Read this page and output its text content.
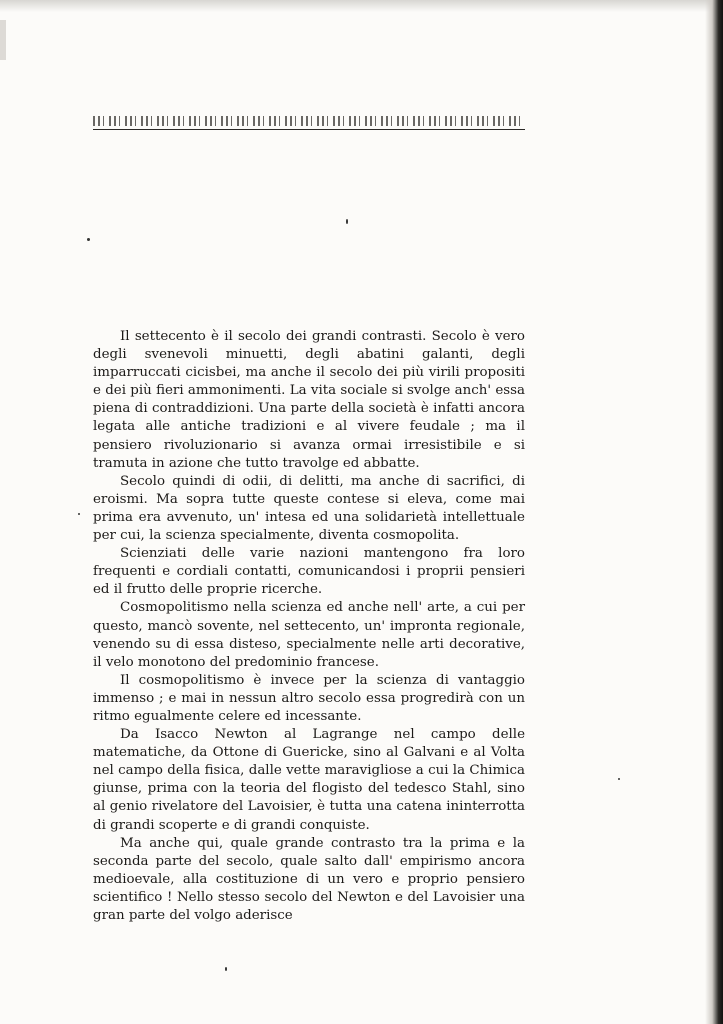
Il settecento è il secolo dei grandi contrasti. Secolo è vero degli svenevoli minuetti, degli abatini galanti, degli imparruccati cicisbei, ma anche il secolo dei più virili propositi e dei più fieri ammonimenti. La vita sociale si svolge anch' essa piena di contraddizioni. Una parte della società è infatti ancora legata alle antiche tradizioni e al vivere feudale ; ma il pensiero rivoluzionario si avanza ormai irresistibile e si tramuta in azione che tutto travolge ed abbatte.

Secolo quindi di odii, di delitti, ma anche di sacrifici, di eroismi. Ma sopra tutte queste contese si eleva, come mai prima era avvenuto, un' intesa ed una solidarietà intellettuale per cui, la scienza specialmente, diventa cosmopolita.

Scienziati delle varie nazioni mantengono fra loro frequenti e cordiali contatti, comunicandosi i proprii pensieri ed il frutto delle proprie ricerche.

Cosmopolitismo nella scienza ed anche nell' arte, a cui per questo, mancò sovente, nel settecento, un' impronta regionale, venendo su di essa disteso, specialmente nelle arti decorative, il velo monotono del predominio francese.

Il cosmopolitismo è invece per la scienza di vantaggio immenso ; e mai in nessun altro secolo essa progredirà con un ritmo egualmente celere ed incessante.

Da Isacco Newton al Lagrange nel campo delle matematiche, da Ottone di Guericke, sino al Galvani e al Volta nel campo della fisica, dalle vette maravigliose a cui la Chimica giunse, prima con la teoria del flogisto del tedesco Stahl, sino al genio rivelatore del Lavoisier, è tutta una catena ininterrotta di grandi scoperte e di grandi conquiste.

Ma anche qui, quale grande contrasto tra la prima e la seconda parte del secolo, quale salto dall' empirismo ancora medioevale, alla costituzione di un vero e proprio pensiero scientifico ! Nello stesso secolo del Newton e del Lavoisier una gran parte del volgo aderisce
